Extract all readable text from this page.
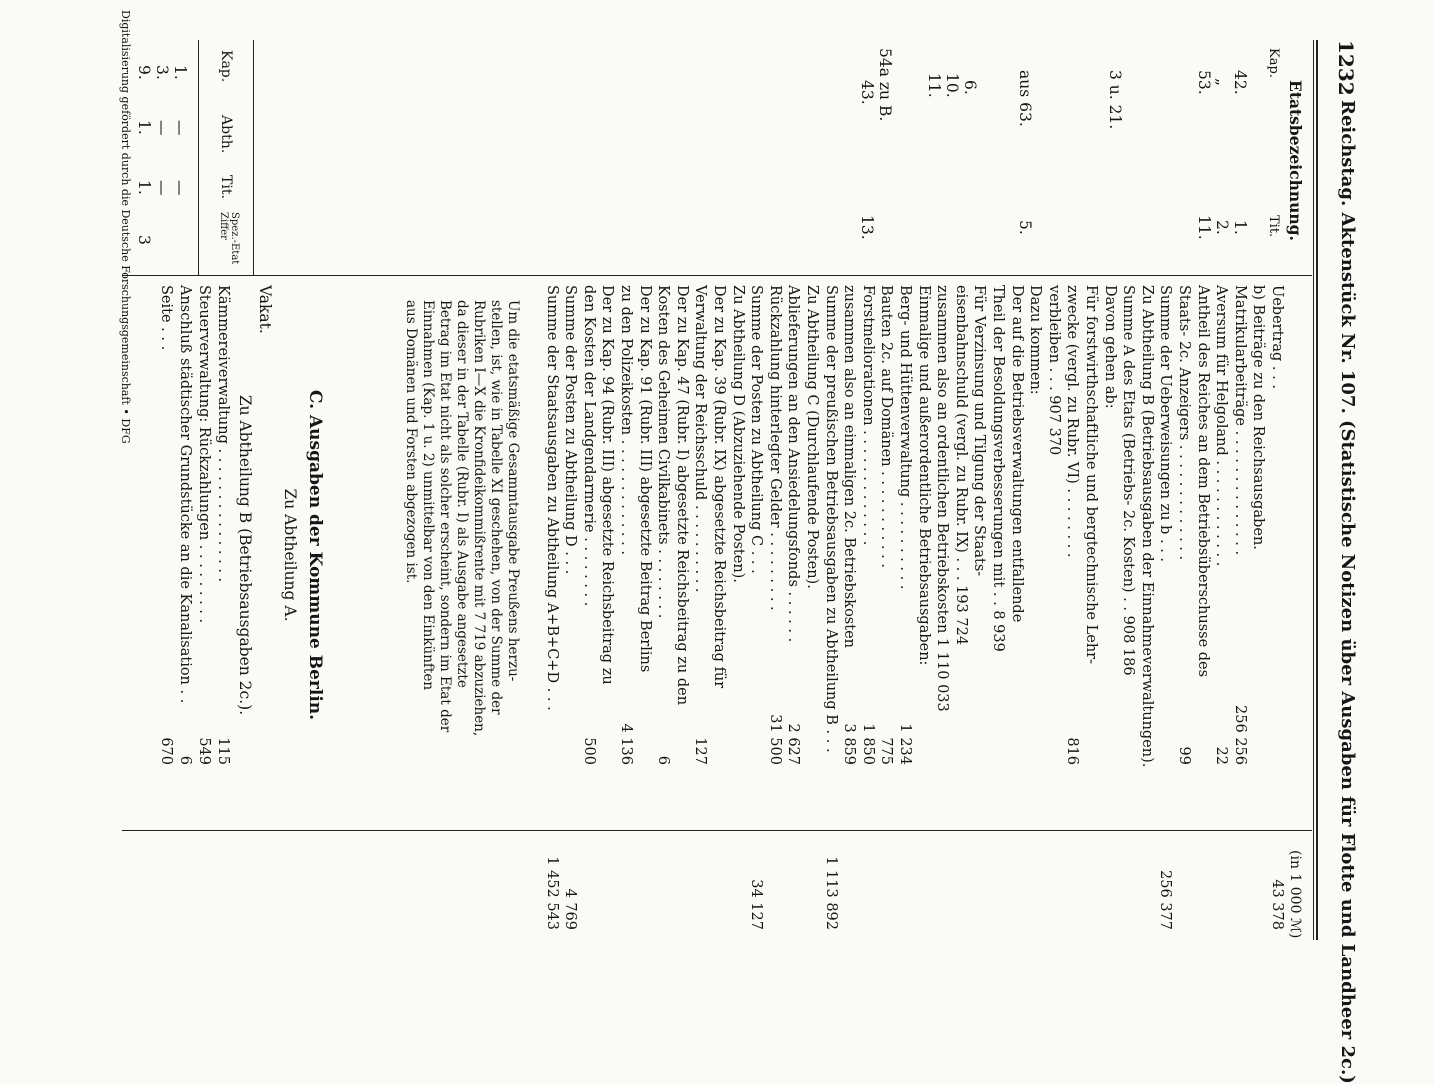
1232
Reichstag. Aktenstück Nr. 107. (Statistische Notizen über Ausgaben für Flotte und Landheer 2c.)
(in 1 000 ℳ)
Etatsbezeichnung.
Kap.
Tit.
42.
1.
„
2.
53.
11.
3 u. 21.
aus 63.
5.
6.
10.
11.
54a zu B.
43.
13.
Kap.
Abth.
Tit.
Spez.-Etat Ziffer
1.
—
—
3.
—
—
9.
1.
1.
3
Uebertrag . . .
43 378
b) Beiträge zu den Reichsausgaben.
Matrikularbeiträge . . . . . . . . . . . . . .
256 256
Aversum für Helgoland . . . . . . . . . . . .
22
Antheil des Reiches an dem Betriebsüberschusse des
Staats- 2c. Anzeigers . . . . . . . . . . . . .
99
Summe der Ueberweisungen zu b . . .
256 377
Zu Abtheilung B (Betriebsausgaben der Einnahmeverwaltungen).
Summe A des Etats (Betriebs- 2c. Kosten) . . 908 186
Davon gehen ab:
Für forstwirthschaftliche und bergtechnische Lehr-
zwecke (vergl. zu Rubr. VI) . . . . . . . .
816
verbleiben . . . 907 370
Dazu kommen:
Der auf die Betriebsverwaltungen entfallende
Theil der Besoldungsverbesserungen mit . . 8 939
Für Verzinsung und Tilgung der Staats-
eisenbahnschuld (vergl. zu Rubr. IX) . . . 193 724
zusammen also an ordentlichen Betriebskosten 1 110 033
Einmalige und außerordentliche Betriebsausgaben:
Berg- und Hüttenverwaltung . . . . . . . . . .
1 234
Bauten 2c. auf Domänen . . . . . . . . . . .
775
Forstmeliorationen . . . . . . . . . . . . .
1 850
zusammen also an einmaligen 2c. Betriebskosten
3 859
Summe der preußischen Betriebsausgaben zu Abtheilung B . . .
1 113 892
Zu Abtheilung C (Durchlaufende Posten).
Ablieferungen an den Ansiedelungsfonds . . . . . .
2 627
Rückzahlung hinterlegter Gelder . . . . . . . . .
31 500
Summe der Posten zu Abtheilung C . . .
34 127
Zu Abtheilung D (Abzuziehende Posten).
Der zu Kap. 39 (Rubr. IX) abgesetzte Reichsbeitrag für
Verwaltung der Reichsschuld . . . . . . . . . .
127
Der zu Kap. 47 (Rubr. I) abgesetzte Reichsbeitrag zu den
Kosten des Geheimen Civilkabinets . . . . . . . .
6
Der zu Kap. 91 (Rubr. III) abgesetzte Beitrag Berlins
zu den Polizeikosten . . . . . . . . . . . . .
4 136
Der zu Kap. 94 (Rubr. III) abgesetzte Reichsbeitrag zu
den Kosten der Landgendarmerie . . . . . . . .
500
Summe der Posten zu Abtheilung D . . .
4 769
Summe der Staatsausgaben zu Abtheilung A+B+C+D . . .
1 452 543
Um die etatsmäßige Gesammtausgabe Preußens herzu-
stellen, ist, wie in Tabelle XI geschehen, von der Summe der
Rubriken I—X die Kronfideikommißrente mit 7 719 abzuziehen,
da dieser in der Tabelle (Rubr. I) als Ausgabe angesetzte
Betrag im Etat nicht als solcher erscheint, sondern im Etat der
Einnahmen (Kap. 1 u. 2) unmittelbar von den Einkünften
aus Domänen und Forsten abgezogen ist.
C. Ausgaben der Kommune Berlin.
Zu Abtheilung A.
Vakat.
Zu Abtheilung B (Betriebsausgaben 2c.).
Kämmereiverwaltung . . . . . . . . . . . . . . .
115
Steuerverwaltung: Rückzahlungen . . . . . . . . .
549
Anschluß städtischer Grundstücke an die Kanalisation . .
6
Seite . . .
670
Digitalisierung gefördert durch die Deutsche Forschungsgemeinschaft • DFG
